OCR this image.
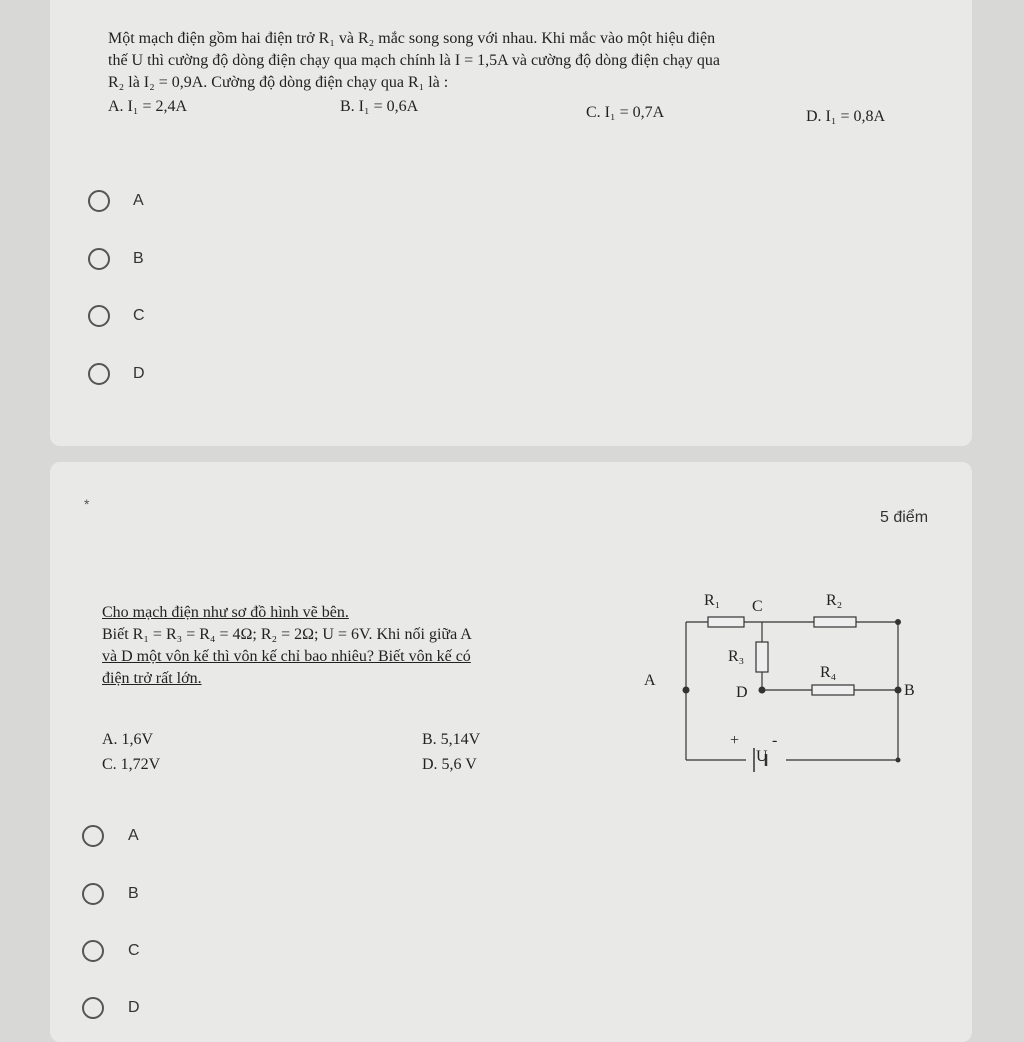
Một mạch điện gồm hai điện trở R₁ và R₂ mắc song song với nhau. Khi mắc vào một hiệu điện
thế U thì cường độ dòng điện chạy qua mạch chính là I = 1,5A và cường độ dòng điện chạy qua
R₂ là I₂ = 0,9A. Cường độ dòng điện chạy qua R₁ là :
A. I₁ = 2,4A	B. I₁ = 0,6A	C. I₁ = 0,7A	D. I₁ = 0,8A
A
B
C
D
*
5 điểm
Cho mạch điện như sơ đồ hình vẽ bên.
Biết R₁ = R₃ = R₄ = 4Ω; R₂ = 2Ω; U = 6V. Khi nối giữa A
và D một vôn kế thì vôn kế chỉ bao nhiêu? Biết vôn kế có
điện trở rất lớn.
A. 1,6V	B. 5,14V
C. 1,72V	D. 5,6 V
R₁ C	R₂
R₃
R₄
A
D	B
+ -
U
A
B
C
D
